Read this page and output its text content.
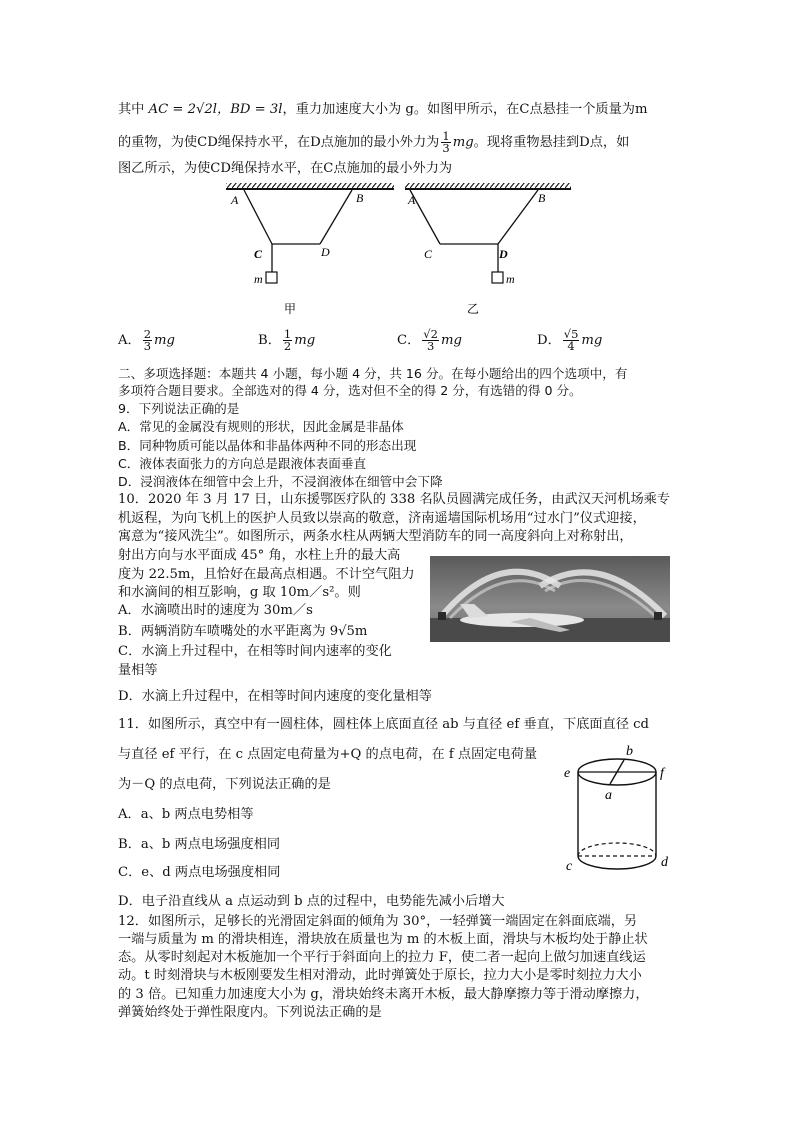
其中 AC = 2√2l，BD = 3l，重力加速度大小为 g。如图甲所示，在C点悬挂一个质量为m
的重物，为使CD绳保持水平，在D点施加的最小外力为 $\frac{1}{3}$ mg。现将重物悬挂到D点，如
图乙所示，为使CD绳保持水平，在C点施加的最小外力为
A	B
C	D
m
甲
A	B
C	D
m
乙
A． $\frac{2}{3}$ mg	B． $\frac{1}{2}$ mg	C． $\frac{√2}{3}$ mg	D． $\frac{√5}{4}$ mg
二、多项选择题：本题共 4 小题，每小题 4 分，共 16 分。在每小题给出的四个选项中，有
多项符合题目要求。全部选对的得 4 分，选对但不全的得 2 分，有选错的得 0 分。
9．下列说法正确的是
A．常见的金属没有规则的形状，因此金属是非晶体
B．同种物质可能以晶体和非晶体两种不同的形态出现
C．液体表面张力的方向总是跟液体表面垂直
D．浸润液体在细管中会上升，不浸润液体在细管中会下降
10．2020 年 3 月 17 日，山东援鄂医疗队的 338 名队员圆满完成任务，由武汉天河机场乘专
机返程，为向飞机上的医护人员致以崇高的敬意，济南遥墙国际机场用“过水门”仪式迎接，
寓意为“接风洗尘”。如图所示，两条水柱从两辆大型消防车的同一高度斜向上对称射出，
射出方向与水平面成 45° 角，水柱上升的最大高
度为 22.5m，且恰好在最高点相遇。不计空气阻力
和水滴间的相互影响，g 取 10m／s²。则
A．水滴喷出时的速度为 30m／s
B．两辆消防车喷嘴处的水平距离为 9√5m
C．水滴上升过程中，在相等时间内速率的变化
量相等
D．水滴上升过程中，在相等时间内速度的变化量相等
11．如图所示，真空中有一圆柱体，圆柱体上底面直径 ab 与直径 ef 垂直，下底面直径 cd
与直径 ef 平行，在 c 点固定电荷量为+Q 的点电荷，在 f 点固定电荷量
为－Q 的点电荷，下列说法正确的是
A．a、b 两点电势相等
B．a、b 两点电场强度相同
C．e、d 两点电场强度相同
D．电子沿直线从 a 点运动到 b 点的过程中，电势能先减小后增大
a
b
e	f
c	d
12．如图所示，足够长的光滑固定斜面的倾角为 30°，一轻弹簧一端固定在斜面底端，另
一端与质量为 m 的滑块相连，滑块放在质量也为 m 的木板上面，滑块与木板均处于静止状
态。从零时刻起对木板施加一个平行于斜面向上的拉力 F，使二者一起向上做匀加速直线运
动。t 时刻滑块与木板刚要发生相对滑动，此时弹簧处于原长，拉力大小是零时刻拉力大小
的 3 倍。已知重力加速度大小为 g，滑块始终未离开木板，最大静摩擦力等于滑动摩擦力，
弹簧始终处于弹性限度内。下列说法正确的是
